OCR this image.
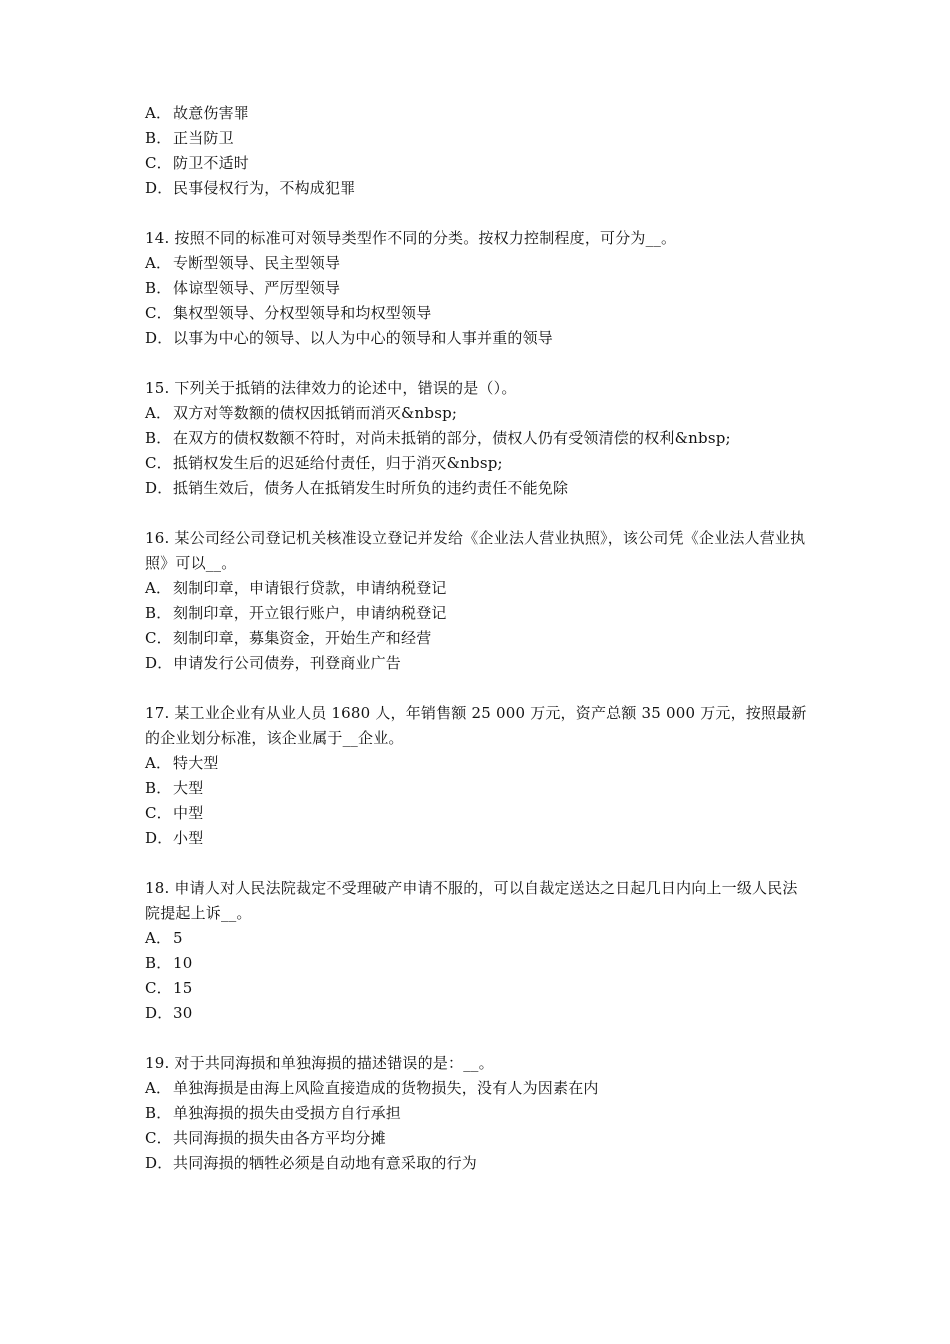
A． 故意伤害罪
B． 正当防卫
C．防卫不适时
D．民事侵权行为，不构成犯罪
14. 按照不同的标准可对领导类型作不同的分类。按权力控制程度，可分为__。
A． 专断型领导、民主型领导
B． 体谅型领导、严厉型领导
C．集权型领导、分权型领导和均权型领导
D．以事为中心的领导、以人为中心的领导和人事并重的领导
15. 下列关于抵销的法律效力的论述中，错误的是（）。
A． 双方对等数额的债权因抵销而消灭&nbsp;
B． 在双方的债权数额不符时，对尚未抵销的部分，债权人仍有受领清偿的权利&nbsp;
C．抵销权发生后的迟延给付责任，归于消灭&nbsp;
D．抵销生效后，债务人在抵销发生时所负的违约责任不能免除
16. 某公司经公司登记机关核准设立登记并发给《企业法人营业执照》，该公司凭《企业法人营业执照》可以__。
A． 刻制印章，申请银行贷款，申请纳税登记
B． 刻制印章，开立银行账户，申请纳税登记
C．刻制印章，募集资金，开始生产和经营
D．申请发行公司债券，刊登商业广告
17. 某工业企业有从业人员 1680 人，年销售额 25 000 万元，资产总额 35 000 万元，按照最新的企业划分标准，该企业属于__企业。
A． 特大型
B． 大型
C．中型
D．小型
18. 申请人对人民法院裁定不受理破产申请不服的，可以自裁定送达之日起几日内向上一级人民法院提起上诉__。
A． 5
B． 10
C．15
D．30
19. 对于共同海损和单独海损的描述错误的是：__。
A． 单独海损是由海上风险直接造成的货物损失，没有人为因素在内
B． 单独海损的损失由受损方自行承担
C．共同海损的损失由各方平均分摊
D．共同海损的牺牲必须是自动地有意采取的行为
